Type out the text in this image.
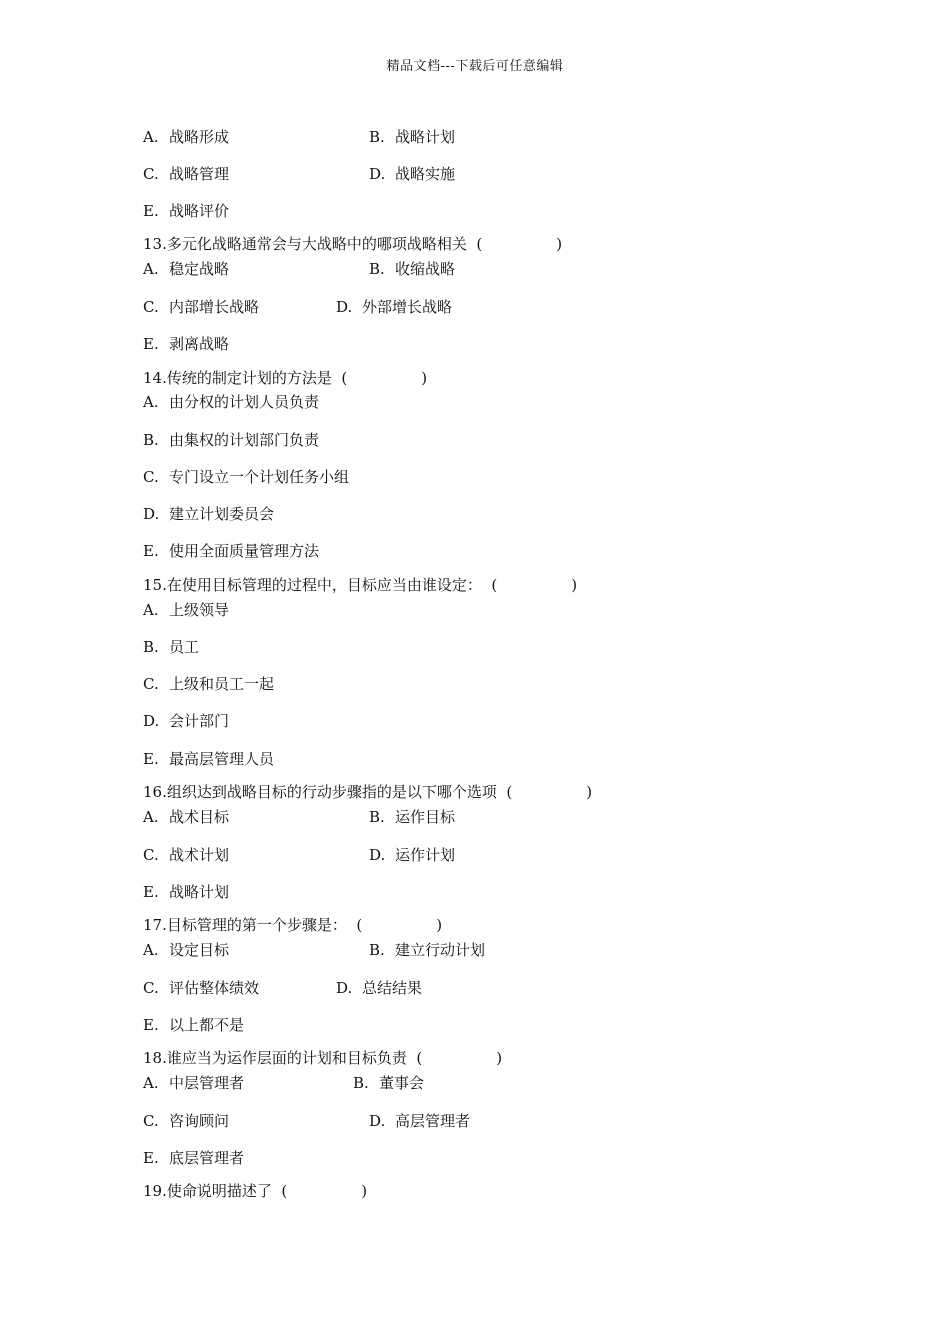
精品文档---下载后可任意编辑
A. 战略形成	B. 战略计划
C. 战略管理	D. 战略实施
E. 战略评价
13.多元化战略通常会与大战略中的哪项战略相关 (	)
A. 稳定战略	B. 收缩战略
C. 内部增长战略	D. 外部增长战略
E. 剥离战略
14.传统的制定计划的方法是 (	)
A. 由分权的计划人员负责
B. 由集权的计划部门负责
C. 专门设立一个计划任务小组
D. 建立计划委员会
E. 使用全面质量管理方法
15.在使用目标管理的过程中，目标应当由谁设定： (	)
A. 上级领导
B. 员工
C. 上级和员工一起
D. 会计部门
E. 最高层管理人员
16.组织达到战略目标的行动步骤指的是以下哪个选项 (	)
A. 战术目标	B. 运作目标
C. 战术计划	D. 运作计划
E. 战略计划
17.目标管理的第一个步骤是： (	)
A. 设定目标	B. 建立行动计划
C. 评估整体绩效	D. 总结结果
E. 以上都不是
18.谁应当为运作层面的计划和目标负责 (	)
A. 中层管理者	B. 董事会
C. 咨询顾问	D. 高层管理者
E. 底层管理者
19.使命说明描述了 (	)
